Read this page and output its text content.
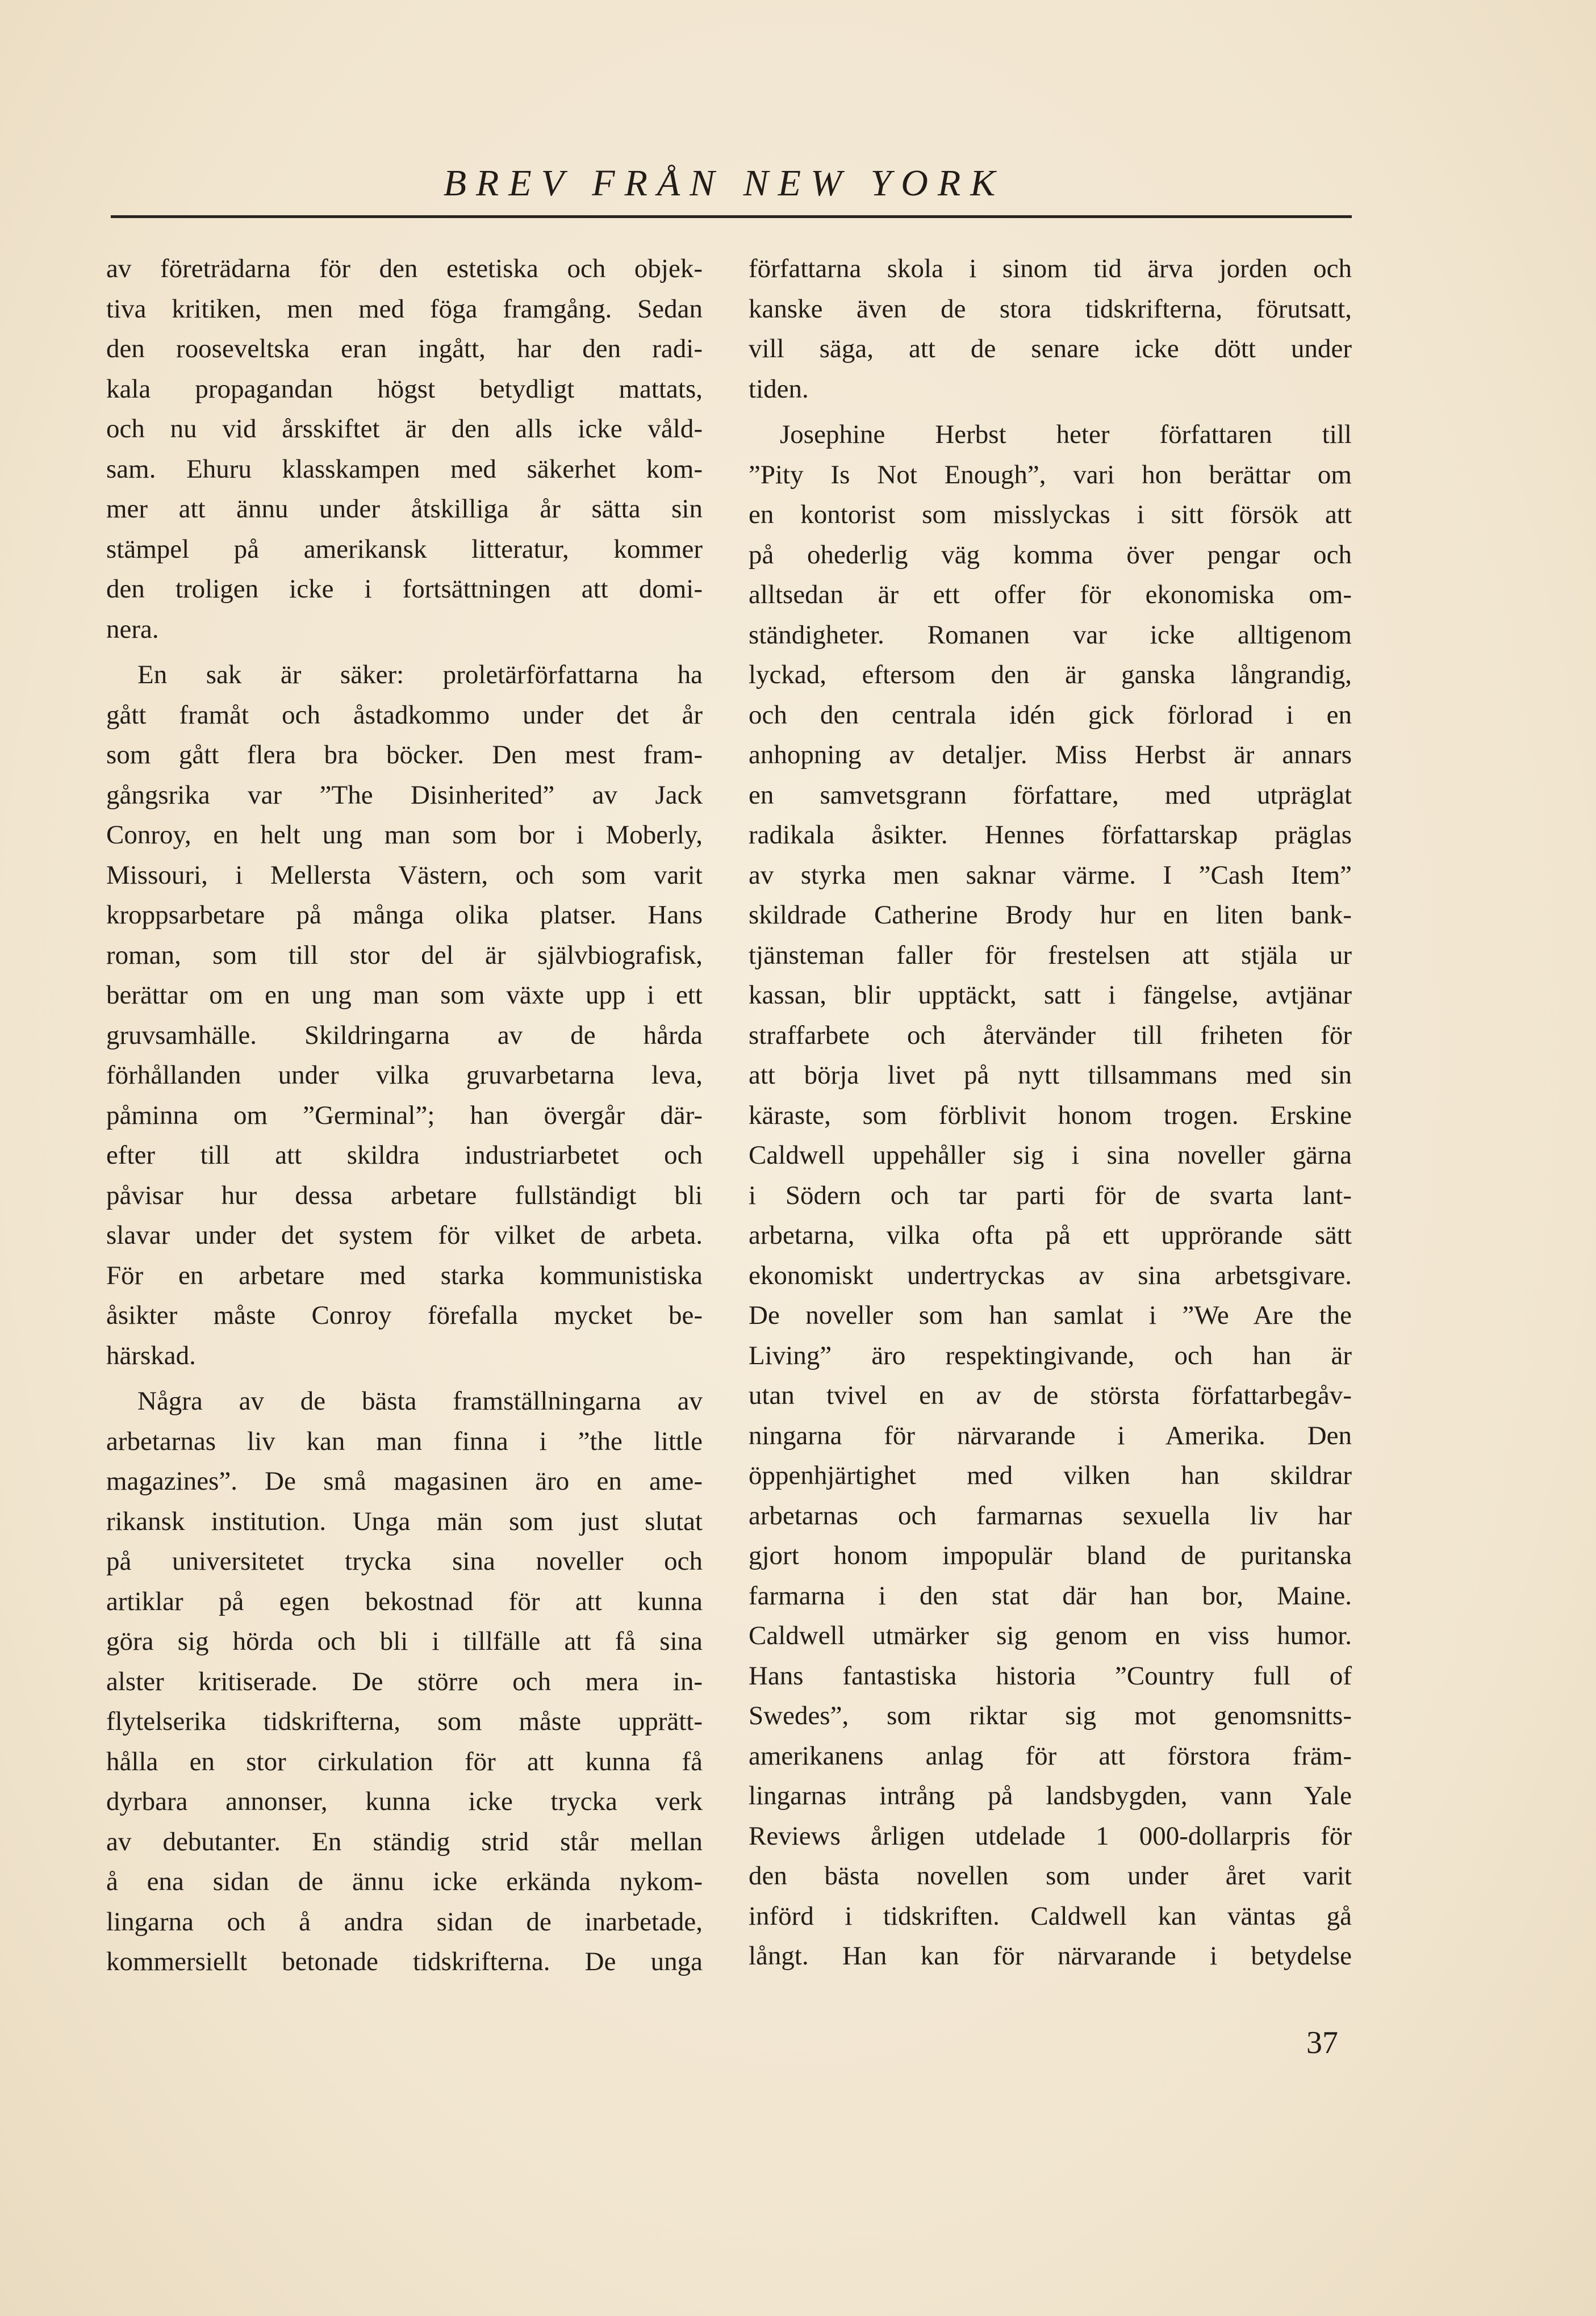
BREV FRÅN NEW YORK
av företrädarna för den estetiska och objek-
tiva kritiken, men med föga framgång. Sedan
den rooseveltska eran ingått, har den radi-
kala propagandan högst betydligt mattats,
och nu vid årsskiftet är den alls icke våld-
sam. Ehuru klasskampen med säkerhet kom-
mer att ännu under åtskilliga år sätta sin
stämpel på amerikansk litteratur, kommer
den troligen icke i fortsättningen att domi-
nera.
En sak är säker: proletärförfattarna ha
gått framåt och åstadkommo under det år
som gått flera bra böcker. Den mest fram-
gångsrika var ”The Disinherited” av Jack
Conroy, en helt ung man som bor i Moberly,
Missouri, i Mellersta Västern, och som varit
kroppsarbetare på många olika platser. Hans
roman, som till stor del är självbiografisk,
berättar om en ung man som växte upp i ett
gruvsamhälle. Skildringarna av de hårda
förhållanden under vilka gruvarbetarna leva,
påminna om ”Germinal”; han övergår där-
efter till att skildra industriarbetet och
påvisar hur dessa arbetare fullständigt bli
slavar under det system för vilket de arbeta.
För en arbetare med starka kommunistiska
åsikter måste Conroy förefalla mycket be-
härskad.
Några av de bästa framställningarna av
arbetarnas liv kan man finna i ”the little
magazines”. De små magasinen äro en ame-
rikansk institution. Unga män som just slutat
på universitetet trycka sina noveller och
artiklar på egen bekostnad för att kunna
göra sig hörda och bli i tillfälle att få sina
alster kritiserade. De större och mera in-
flytelserika tidskrifterna, som måste upprätt-
hålla en stor cirkulation för att kunna få
dyrbara annonser, kunna icke trycka verk
av debutanter. En ständig strid står mellan
å ena sidan de ännu icke erkända nykom-
lingarna och å andra sidan de inarbetade,
kommersiellt betonade tidskrifterna. De unga
författarna skola i sinom tid ärva jorden och
kanske även de stora tidskrifterna, förutsatt,
vill säga, att de senare icke dött under
tiden.
Josephine Herbst heter författaren till
”Pity Is Not Enough”, vari hon berättar om
en kontorist som misslyckas i sitt försök att
på ohederlig väg komma över pengar och
alltsedan är ett offer för ekonomiska om-
ständigheter. Romanen var icke alltigenom
lyckad, eftersom den är ganska långrandig,
och den centrala idén gick förlorad i en
anhopning av detaljer. Miss Herbst är annars
en samvetsgrann författare, med utpräglat
radikala åsikter. Hennes författarskap präglas
av styrka men saknar värme. I ”Cash Item”
skildrade Catherine Brody hur en liten bank-
tjänsteman faller för frestelsen att stjäla ur
kassan, blir upptäckt, satt i fängelse, avtjänar
straffarbete och återvänder till friheten för
att börja livet på nytt tillsammans med sin
käraste, som förblivit honom trogen. Erskine
Caldwell uppehåller sig i sina noveller gärna
i Södern och tar parti för de svarta lant-
arbetarna, vilka ofta på ett upprörande sätt
ekonomiskt undertryckas av sina arbetsgivare.
De noveller som han samlat i ”We Are the
Living” äro respektingivande, och han är
utan tvivel en av de största författarbegåv-
ningarna för närvarande i Amerika. Den
öppenhjärtighet med vilken han skildrar
arbetarnas och farmarnas sexuella liv har
gjort honom impopulär bland de puritanska
farmarna i den stat där han bor, Maine.
Caldwell utmärker sig genom en viss humor.
Hans fantastiska historia ”Country full of
Swedes”, som riktar sig mot genomsnitts-
amerikanens anlag för att förstora främ-
lingarnas intrång på landsbygden, vann Yale
Reviews årligen utdelade 1 000-dollarpris för
den bästa novellen som under året varit
införd i tidskriften. Caldwell kan väntas gå
långt. Han kan för närvarande i betydelse
37
